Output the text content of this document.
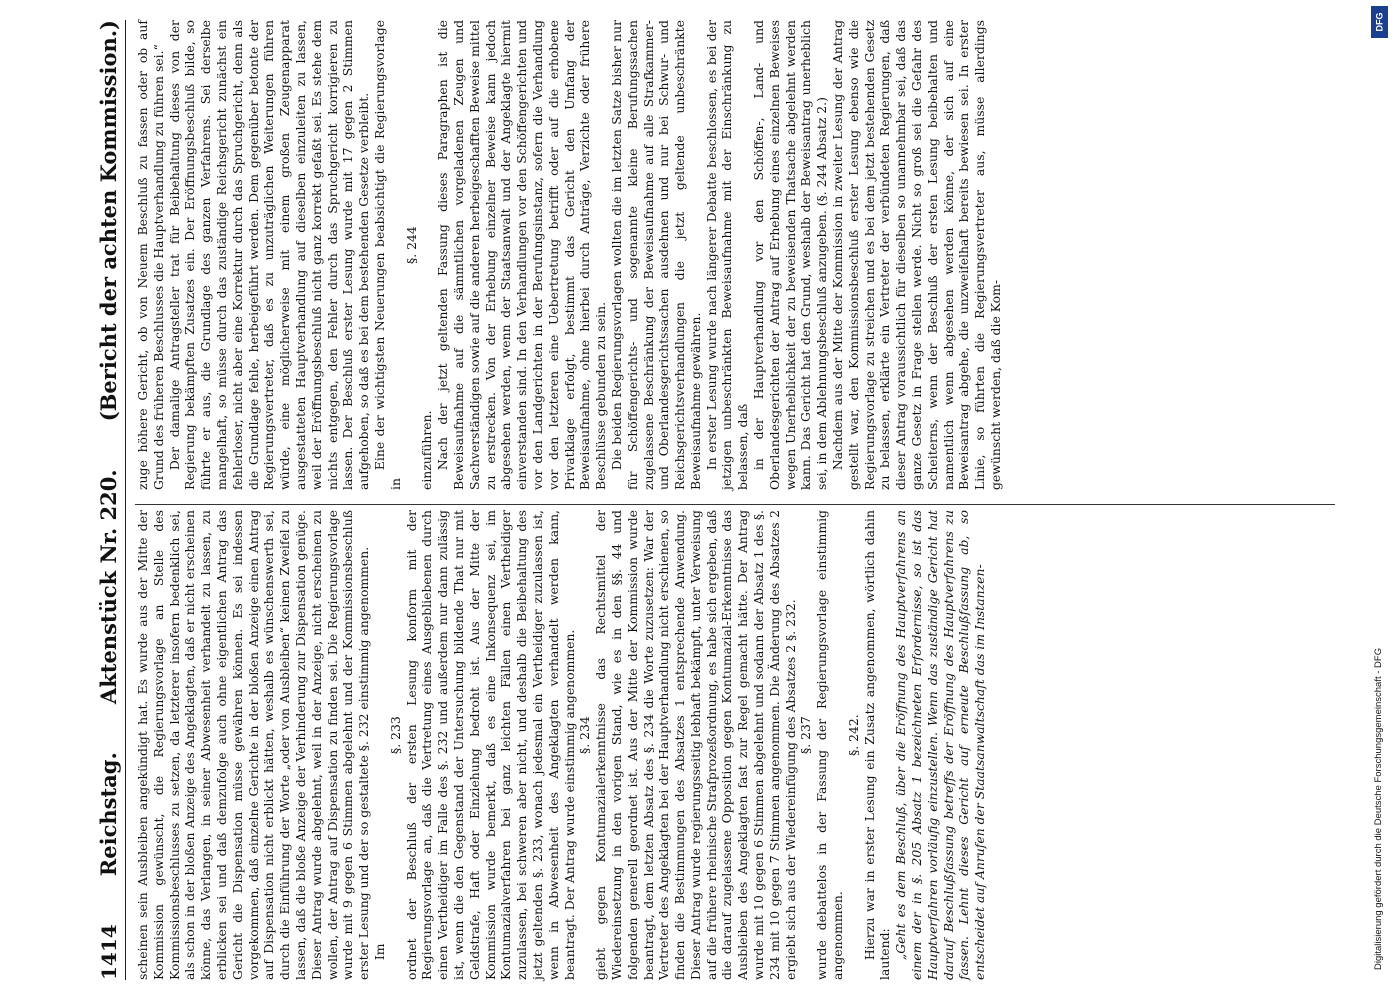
1414
Reichstag.
Aktenstück Nr. 220.
(Bericht der achten Kommission.)

scheinen sein Ausbleiben angekündigt hat. Es wurde aus der Mitte der Kommission gewünscht, die Regierungsvorlage an Stelle des Kommissionsbeschlusses zu setzen, da letzterer insofern bedenklich sei, als schon in der bloßen Anzeige des Angeklagten, daß er nicht erscheinen könne, das Verlangen, in seiner Abwesenheit verhandelt zu lassen, zu erblicken sei und daß demzufolge auch ohne eigentlichen Antrag das Gericht die Dispensation müsse gewähren können. Es sei indessen vorgekommen, daß einzelne Gerichte in der bloßen Anzeige einen Antrag auf Dispensation nicht erblickt hätten, weshalb es wünschenswerth sei, durch die Einführung der Worte „oder von Ausbleiben“ keinen Zweifel zu lassen, daß die bloße Anzeige der Verhinderung zur Dispensation genüge. Dieser Antrag wurde abgelehnt, weil in der Anzeige, nicht erscheinen zu wollen, der Antrag auf Dispensation zu finden sei. Die Regierungsvorlage wurde mit 9 gegen 6 Stimmen abgelehnt und der Kommissionsbeschluß erster Lesung und der so gestaltete §. 232 einstimmig angenommen. Im

§. 233 ordnet der Beschluß der ersten Lesung konform mit der Regierungsvorlage an, daß die Vertretung eines Ausgebliebenen durch einen Vertheidiger im Falle des §. 232 und außerdem nur dann zulässig ist, wenn die den Gegenstand der Untersuchung bildende That nur mit Geldstrafe, Haft oder Einziehung bedroht ist. Aus der Mitte der Kommission wurde bemerkt, daß es eine Inkonsequenz sei, im Kontumazialverfahren bei ganz leichten Fällen einen Vertheidiger zuzulassen, bei schweren aber nicht, und deshalb die Beibehaltung des jetzt geltenden §. 233, wonach jedesmal ein Vertheidiger zuzulassen ist, wenn in Abwesenheit des Angeklagten verhandelt werden kann, beantragt. Der Antrag wurde einstimmig angenommen. §. 234 giebt gegen Kontumazialerkenntnisse das Rechtsmittel der Wiedereinsetzung in den vorigen Stand, wie es in den §§. 44 und folgenden generell geordnet ist. Aus der Mitte der Kommission wurde beantragt, dem letzten Absatz des §. 234 die Worte zuzusetzen: War der Vertreter des Angeklagten bei der Hauptverhandlung nicht erschienen, so finden die Bestimmungen des Absatzes 1 entsprechende Anwendung. Dieser Antrag wurde regierungsseitig lebhaft bekämpft, unter Verweisung auf die frühere rheinische Strafprozeßordnung, es habe sich ergeben, daß die darauf zugelassene Opposition gegen Kontumazial-Erkenntnisse das Ausbleiben des Angeklagten fast zur Regel gemacht hätte. Der Antrag wurde mit 10 gegen 6 Stimmen abgelehnt und sodann der Absatz 1 des §. 234 mit 10 gegen 7 Stimmen angenommen. Die Änderung des Absatzes 2 ergiebt sich aus der Wiedereinfügung des Absatzes 2 §. 232. §. 237 wurde debattelos in der Fassung der Regierungsvorlage einstimmig angenommen.

§. 242. Hierzu war in erster Lesung ein Zusatz angenommen, wörtlich dahin lautend: „Geht es dem Beschluß, über die Eröffnung des Hauptverfahrens an einem der in §. 205 Absatz 1 bezeichneten Erfordernisse, so ist das Hauptverfahren vorläufig einzustellen. Wenn das zuständige Gericht hat darauf Beschlußfassung betreffs der Eröffnung des Hauptverfahrens zu fassen. Lehnt dieses Gericht auf erneute Beschlußfassung ab, so entscheidet auf Anrufen der Staatsanwaltschaft das im Instanzen-

zuge höhere Gericht, ob von Neuem Beschluß zu fassen oder ob auf Grund des früheren Beschlusses die Hauptverhandlung zu führen sei.“ Der damalige Antragsteller trat für Beibehaltung dieses von der Regierung bekämpften Zusatzes ein. Der Eröffnungsbeschluß bilde, so führte er aus, die Grundlage des ganzen Verfahrens. Sei derselbe mangelhaft, so müsse durch das zuständige Reichsgericht zunächst ein fehlerloser, nicht aber eine Korrektur durch das Spruchgericht, denn als die Grundlage fehle, herbeigeführt werden. Dem gegenüber betonte der Regierungsvertreter, daß es zu unzuträglichen Weiterungen führen würde, eine möglicherweise mit einem großen Zeugenapparat ausgestatteten Hauptverhandlung auf dieselben einzuleiten zu lassen, weil der Eröffnungsbeschluß nicht ganz korrekt gefaßt sei. Es stehe dem nichts entgegen, den Fehler durch das Spruchgericht korrigieren zu lassen. Der Beschluß erster Lesung wurde mit 17 gegen 2 Stimmen aufgehoben, so daß es bei dem bestehenden Gesetze verbleibt. Eine der wichtigsten Neuerungen beabsichtigt die Regierungsvorlage in

§. 244

einzuführen. Nach der jetzt geltenden Fassung dieses Paragraphen ist die Beweisaufnahme auf die sämmtlichen vorgeladenen Zeugen und Sachverständigen sowie auf die anderen herbeigeschafften Beweise mittel zu erstrecken. Von der Erhebung einzelner Beweise kann jedoch abgesehen werden, wenn der Staatsanwalt und der Angeklagte hiermit einverstanden sind. In den Verhandlungen vor den Schöffengerichten und vor den Landgerichten in der Berufungsinstanz, sofern die Verhandlung vor den letzteren eine Uebertretung betrifft oder auf die erhobene Privatklage erfolgt, bestimmt das Gericht den Umfang der Beweisaufnahme, ohne hierbei durch Anträge, Verzichte oder frühere Beschlüsse gebunden zu sein. Die beiden Regierungsvorlagen wollten die im letzten Satze bisher nur für Schöffengerichts- und sogenannte kleine Berufungssachen zugelassene Beschränkung der Beweisaufnahme auf alle Strafkammer- und Oberlandesgerichtssachen ausdehnen und nur bei Schwur- und Reichsgerichtsverhandlungen die jetzt geltende unbeschränkte Beweisaufnahme gewähren. In erster Lesung wurde nach längerer Debatte beschlossen, es bei der jetzigen unbeschränkten Beweisaufnahme mit der Einschränkung zu belassen, daß in der Hauptverhandlung vor den Schöffen-, Land- und Oberlandesgerichten der Antrag auf Erhebung eines einzelnen Beweises wegen Unerheblichkeit der zu beweisenden Thatsache abgelehnt werden kann. Das Gericht hat den Grund, weshalb der Beweisantrag unerheblich sei, in dem Ablehnungsbeschluß anzugeben. (§. 244 Absatz 2.) Nachdem aus der Mitte der Kommission in zweiter Lesung der Antrag gestellt war, den Kommissionsbeschluß erster Lesung ebenso wie die Regierungsvorlage zu streichen und es bei dem jetzt bestehenden Gesetz zu belassen, erklärte ein Vertreter der verbündeten Regierungen, daß dieser Antrag voraussichtlich für dieselben so unannehmbar sei, daß das ganze Gesetz in Frage stellen werde. Nicht so groß sei die Gefahr des Scheiterns, wenn der Beschluß der ersten Lesung beibehalten und namentlich wenn abgesehen werden könne, der sich auf eine Beweisantrag abgehe, die unzweifelhaft bereits bewiesen sei. In erster Linie, so führten die Regierungsvertreter aus, müsse allerdings gewünscht werden, daß die Kom-

Digitalisierung gefördert durch die Deutsche Forschungsgemeinschaft - DFG
DFG
